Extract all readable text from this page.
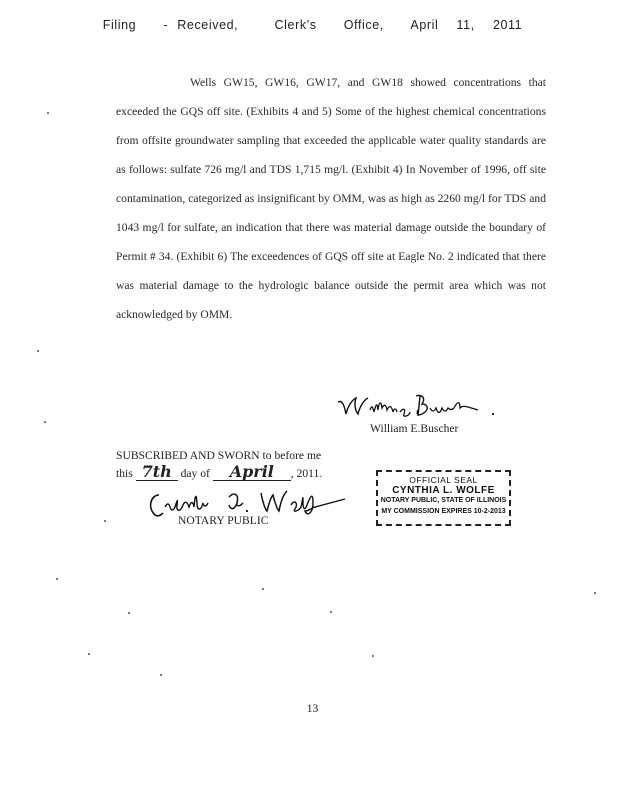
Filing   - Received,    Clerk's   Office,   April  11,  2011

Wells GW15, GW16, GW17, and GW18 showed concentrations that exceeded the GQS off site. (Exhibits 4 and 5) Some of the highest chemical concentrations from offsite groundwater sampling that exceeded the applicable water quality standards are as follows: sulfate 726 mg/l and TDS 1,715 mg/l. (Exhibit 4) In November of 1996, off site contamination, categorized as insignificant by OMM, was as high as 2260 mg/l for TDS and 1043 mg/l for sulfate, an indication that there was material damage outside the boundary of Permit # 34. (Exhibit 6) The exceedences of GQS off site at Eagle No. 2 indicated that there was material damage to the hydrologic balance outside the permit area which was not acknowledged by OMM.

William E.Buscher
SUBSCRIBED AND SWORN to before me
this 7th day of April , 2011.
NOTARY PUBLIC
OFFICIAL SEAL
CYNTHIA L. WOLFE
NOTARY PUBLIC, STATE OF ILLINOIS
MY COMMISSION EXPIRES 10-2-2013
13
